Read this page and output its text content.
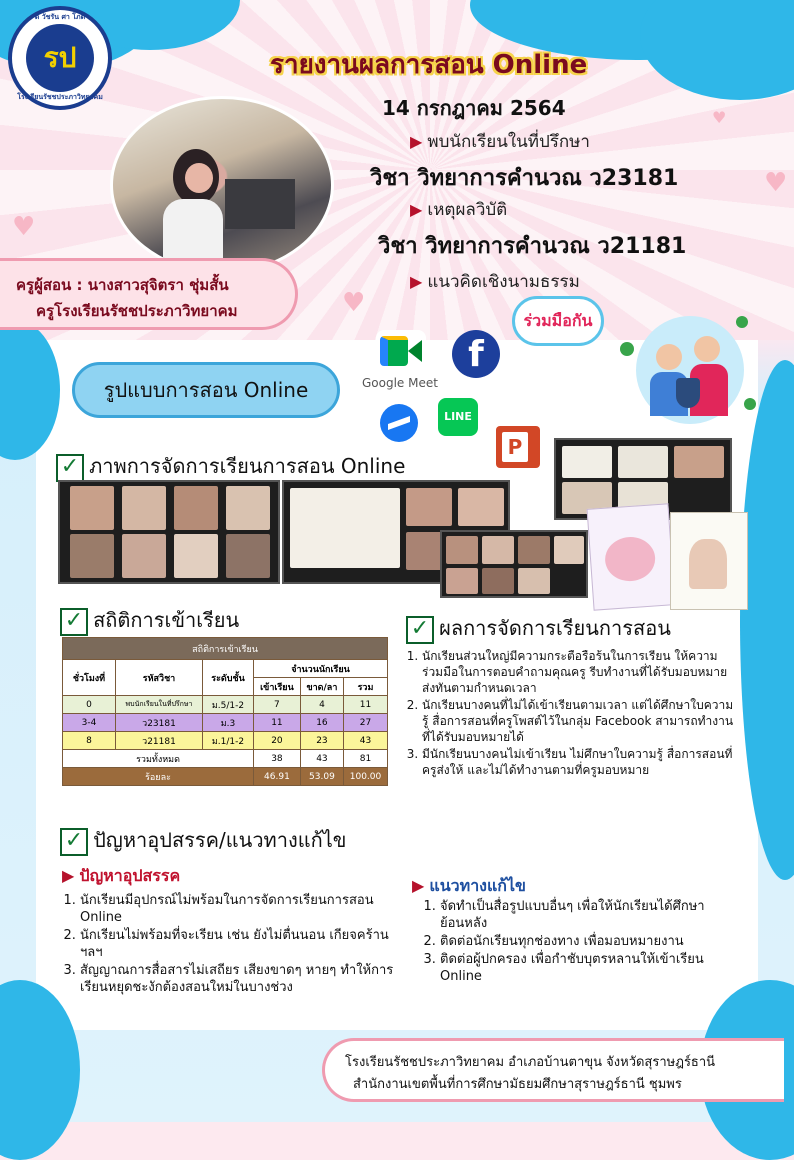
♥
♥
♥
♥
ต วัชรัน ศา โภต
รป
โรงเรียนรัชชประภาวิทยาคม
รายงานผลการสอน Online
14 กรกฎาคม 2564
▶ พบนักเรียนในที่ปรึกษา
วิชา วิทยาการคำนวณ ว23181
▶ เหตุผลวิบัติ
วิชา วิทยาการคำนวณ ว21181
▶ แนวคิดเชิงนามธรรม
ครูผู้สอน : นางสาวสุจิตรา ชุ่มสั้น
ครูโรงเรียนรัชชประภาวิทยาคม
รูปแบบการสอน Online	Google Meet
f
LINE
P
ร่วมมือกัน
✓ ภาพการจัดการเรียนการสอน Online
✓ สถิติการเข้าเรียน
สถิติการเข้าเรียน					
ชั่วโมงที่	รหัสวิชา	ระดับชั้น	จำนวนนักเรียน		
			เข้าเรียน	ขาด/ลา	รวม
0	พบนักเรียนในที่ปรึกษา	ม.5/1-2	7	4	11
3-4	ว23181	ม.3	11	16	27
8	ว21181	ม.1/1-2	20	23	43
รวมทั้งหมด			38	43	81
ร้อยละ			46.91	53.09	100.00
✓ ผลการจัดการเรียนการสอน
1. นักเรียนส่วนใหญ่มีความกระตือรือร้นในการเรียน ให้ความร่วมมือในการตอบคำถามคุณครู รีบทำงานที่ได้รับมอบหมายส่งทันตามกำหนดเวลา
2. นักเรียนบางคนที่ไม่ได้เข้าเรียนตามเวลา แต่ได้ศึกษาใบความรู้ สื่อการสอนที่ครูโพสต์ไว้ในกลุ่ม Facebook สามารถทำงานที่ได้รับมอบหมายได้
3. มีนักเรียนบางคนไม่เข้าเรียน ไม่ศึกษาใบความรู้ สื่อการสอนที่ครูส่งให้ และไม่ได้ทำงานตามที่ครูมอบหมาย
✓ ปัญหาอุปสรรค/แนวทางแก้ไข
▶ ปัญหาอุปสรรค
1. นักเรียนมีอุปกรณ์ไม่พร้อมในการจัดการเรียนการสอน Online
2. นักเรียนไม่พร้อมที่จะเรียน เช่น ยังไม่ตื่นนอน เกียจคร้าน ฯลฯ
3. สัญญาณการสื่อสารไม่เสถียร เสียงขาดๆ หายๆ ทำให้การเรียนหยุดชะงักต้องสอนใหม่ในบางช่วง
▶ แนวทางแก้ไข
1. จัดทำเป็นสื่อรูปแบบอื่นๆ เพื่อให้นักเรียนได้ศึกษาย้อนหลัง
2. ติดต่อนักเรียนทุกช่องทาง เพื่อมอบหมายงาน
3. ติดต่อผู้ปกครอง เพื่อกำชับบุตรหลานให้เข้าเรียน Online
โรงเรียนรัชชประภาวิทยาคม อำเภอบ้านตาขุน จังหวัดสุราษฎร์ธานี
สำนักงานเขตพื้นที่การศึกษามัธยมศึกษาสุราษฎร์ธานี ชุมพร
